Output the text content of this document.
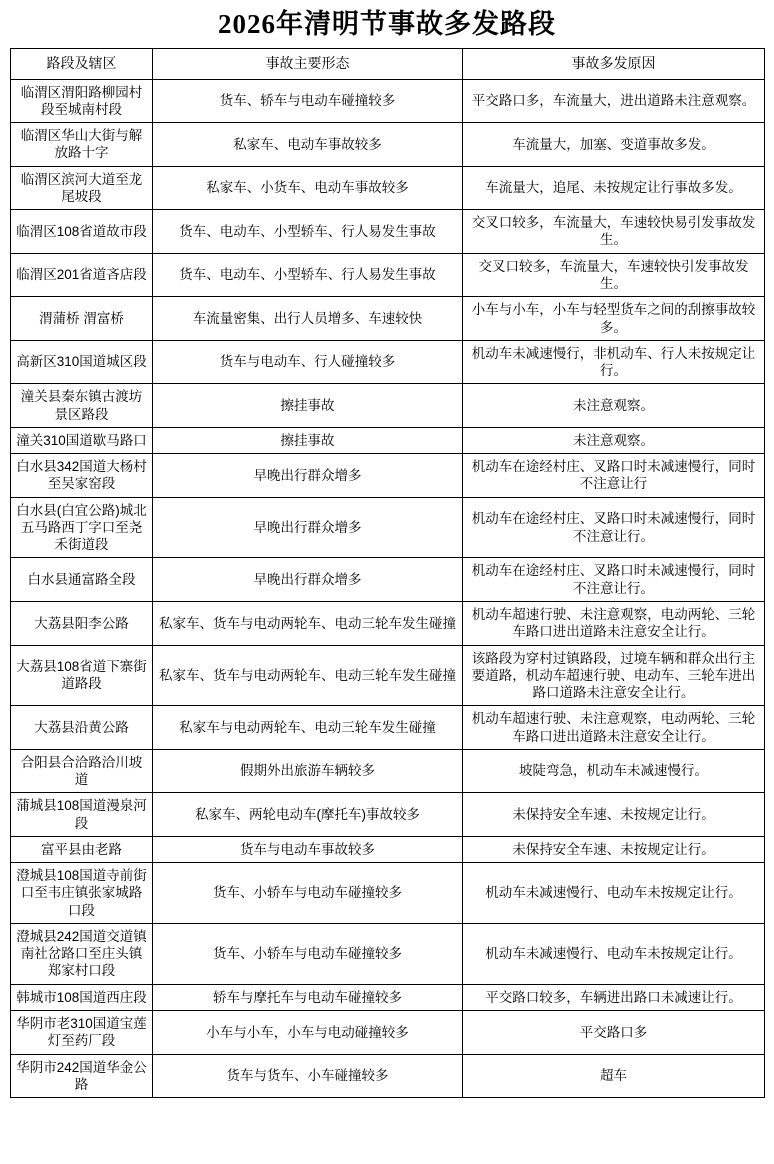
2026年清明节事故多发路段
路段及辖区	事故主要形态	事故多发原因
临渭区渭阳路柳园村段至城南村段	货车、轿车与电动车碰撞较多	平交路口多，车流量大，进出道路未注意观察。
临渭区华山大街与解放路十字	私家车、电动车事故较多	车流量大，加塞、变道事故多发。
临渭区滨河大道至龙尾坡段	私家车、小货车、电动车事故较多	车流量大，追尾、未按规定让行事故多发。
临渭区108省道故市段	货车、电动车、小型轿车、行人易发生事故	交叉口较多，车流量大，车速较快易引发事故发生。
临渭区201省道吝店段	货车、电动车、小型轿车、行人易发生事故	交叉口较多，车流量大，车速较快引发事故发生。
渭蒲桥 渭富桥	车流量密集、出行人员增多、车速较快	小车与小车，小车与轻型货车之间的刮擦事故较多。
高新区310国道城区段	货车与电动车、行人碰撞较多	机动车未减速慢行，非机动车、行人未按规定让行。
潼关县秦东镇古渡坊景区路段	擦挂事故	未注意观察。
潼关310国道歇马路口	擦挂事故	未注意观察。
白水县342国道大杨村至吴家窑段	早晚出行群众增多	机动车在途经村庄、叉路口时未减速慢行，同时不注意让行
白水县(白宜公路)城北五马路西丁字口至尧禾街道段	早晚出行群众增多	机动车在途经村庄、叉路口时未减速慢行，同时不注意让行。
白水县通富路全段	早晚出行群众增多	机动车在途经村庄、叉路口时未减速慢行，同时不注意让行。
大荔县阳李公路	私家车、货车与电动两轮车、电动三轮车发生碰撞	机动车超速行驶、未注意观察，电动两轮、三轮车路口进出道路未注意安全让行。
大荔县108省道下寨街道路段	私家车、货车与电动两轮车、电动三轮车发生碰撞	该路段为穿村过镇路段，过境车辆和群众出行主要道路，机动车超速行驶、电动车、三轮车进出路口道路未注意安全让行。
大荔县沿黄公路	私家车与电动两轮车、电动三轮车发生碰撞	机动车超速行驶、未注意观察，电动两轮、三轮车路口进出道路未注意安全让行。
合阳县合洽路洽川坡道	假期外出旅游车辆较多	坡陡弯急，机动车未减速慢行。
蒲城县108国道漫泉河段	私家车、两轮电动车(摩托车)事故较多	未保持安全车速、未按规定让行。
富平县由老路	货车与电动车事故较多	未保持安全车速、未按规定让行。
澄城县108国道寺前街口至韦庄镇张家城路口段	货车、小轿车与电动车碰撞较多	机动车未减速慢行、电动车未按规定让行。
澄城县242国道交道镇南社岔路口至庄头镇郑家村口段	货车、小轿车与电动车碰撞较多	机动车未减速慢行、电动车未按规定让行。
韩城市108国道西庄段	轿车与摩托车与电动车碰撞较多	平交路口较多，车辆进出路口未减速让行。
华阴市老310国道宝莲灯至药厂段	小车与小车，小车与电动碰撞较多	平交路口多
华阴市242国道华金公路	货车与货车、小车碰撞较多	超车
